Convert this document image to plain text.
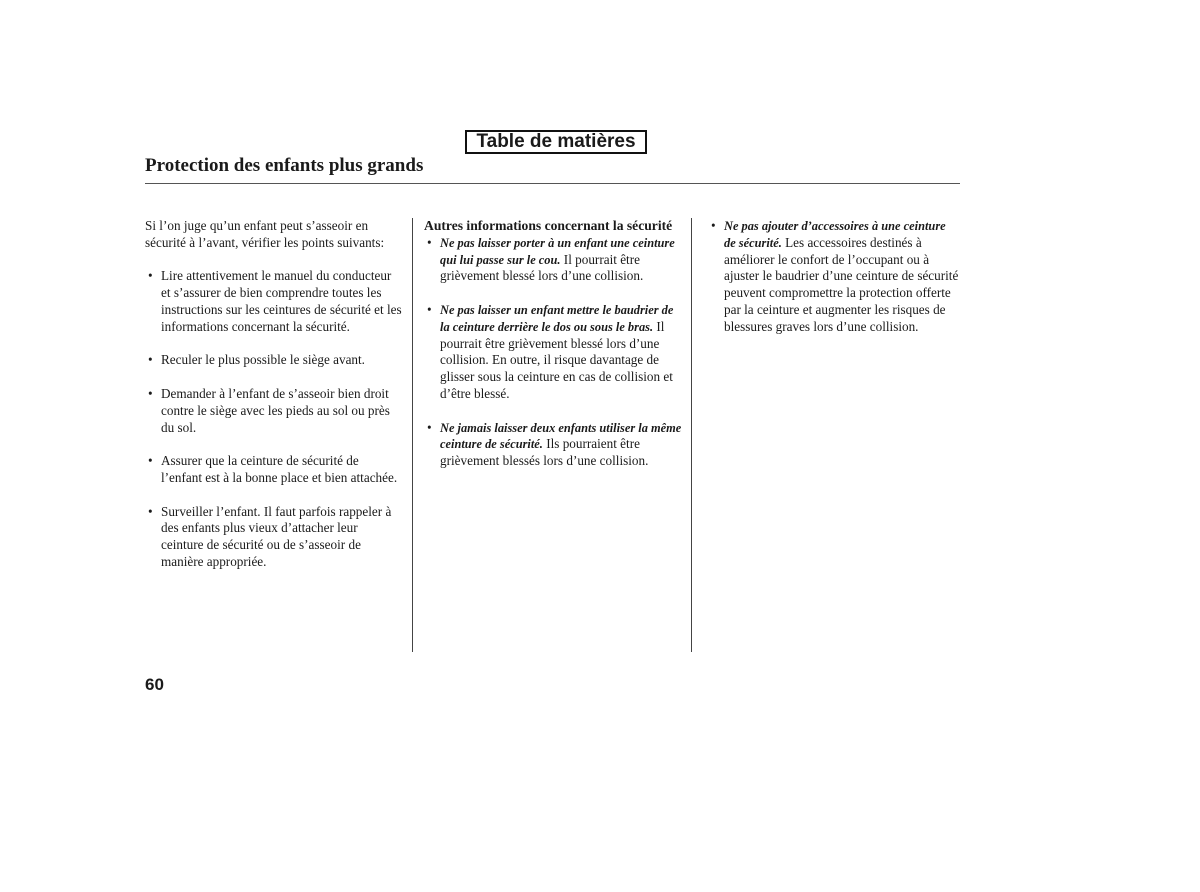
Table de matières
Protection des enfants plus grands

Si l’on juge qu’un enfant peut s’asseoir en sécurité à l’avant, vérifier les points suivants:

• Lire attentivement le manuel du conducteur et s’assurer de bien comprendre toutes les instructions sur les ceintures de sécurité et les informations concernant la sécurité.
• Reculer le plus possible le siège avant.
• Demander à l’enfant de s’asseoir bien droit contre le siège avec les pieds au sol ou près du sol.
• Assurer que la ceinture de sécurité de l’enfant est à la bonne place et bien attachée.
• Surveiller l’enfant. Il faut parfois rappeler à des enfants plus vieux d’attacher leur ceinture de sécurité ou de s’asseoir de manière appropriée.

Autres informations concernant la sécurité

• Ne pas laisser porter à un enfant une ceinture qui lui passe sur le cou. Il pourrait être grièvement blessé lors d’une collision.
• Ne pas laisser un enfant mettre le baudrier de la ceinture derrière le dos ou sous le bras. Il pourrait être grièvement blessé lors d’une collision. En outre, il risque davantage de glisser sous la ceinture en cas de collision et d’être blessé.
• Ne jamais laisser deux enfants utiliser la même ceinture de sécurité. Ils pourraient être grièvement blessés lors d’une collision.
• Ne pas ajouter d’accessoires à une ceinture de sécurité. Les accessoires destinés à améliorer le confort de l’occupant ou à ajuster le baudrier d’une ceinture de sécurité peuvent compromettre la protection offerte par la ceinture et augmenter les risques de blessures graves lors d’une collision.
60
